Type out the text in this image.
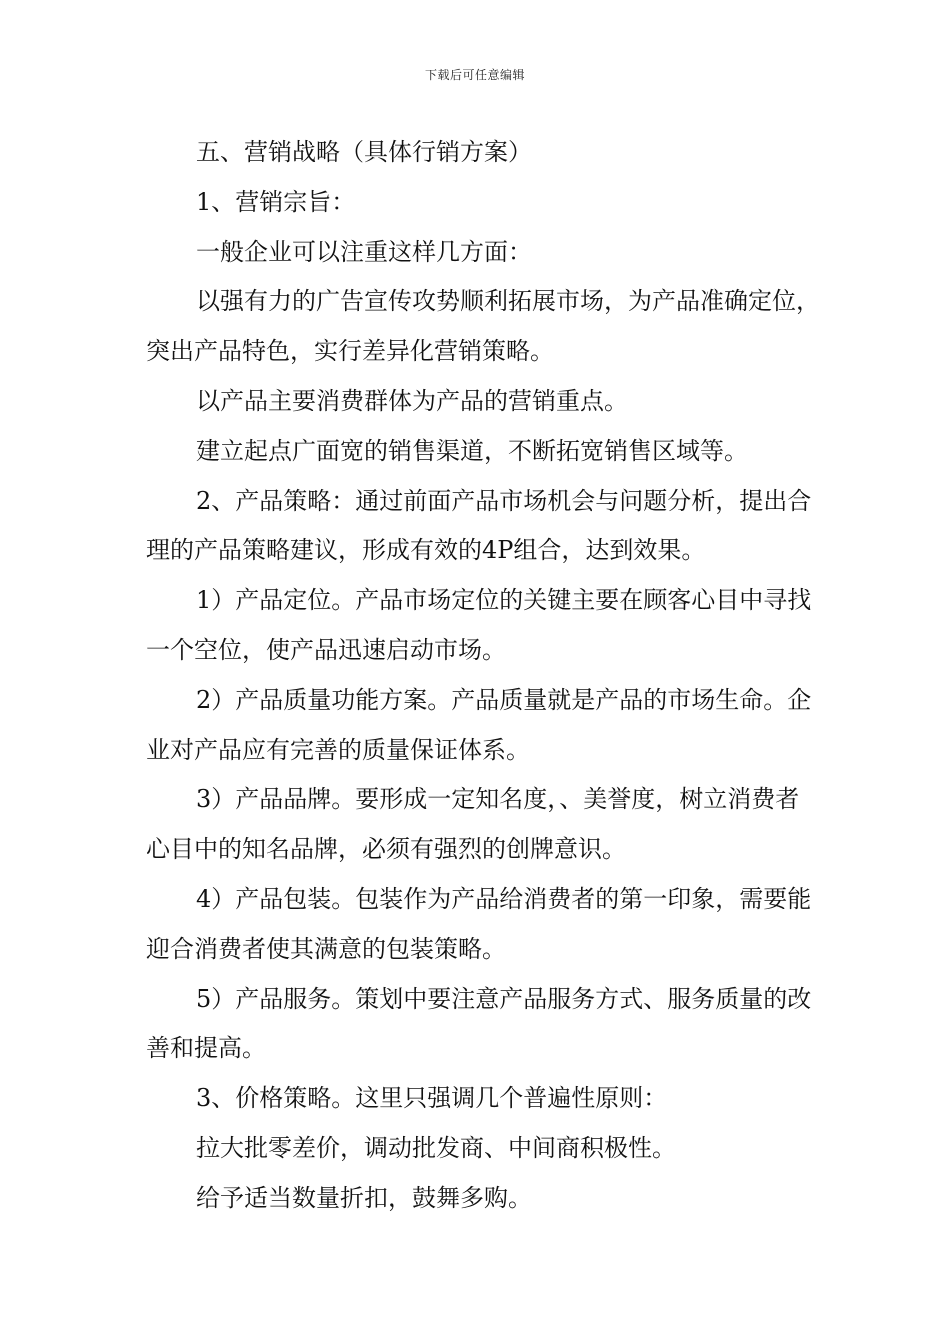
下载后可任意编辑

五、营销战略（具体行销方案）

1、营销宗旨：

一般企业可以注重这样几方面：

以强有力的广告宣传攻势顺利拓展市场，为产品准确定位，突出产品特色，实行差异化营销策略。

以产品主要消费群体为产品的营销重点。

建立起点广面宽的销售渠道，不断拓宽销售区域等。

2、产品策略：通过前面产品市场机会与问题分析，提出合理的产品策略建议，形成有效的4P组合，达到效果。

1）产品定位。产品市场定位的关键主要在顾客心目中寻找一个空位，使产品迅速启动市场。

2）产品质量功能方案。产品质量就是产品的市场生命。企业对产品应有完善的质量保证体系。

3）产品品牌。要形成一定知名度，、美誉度，树立消费者心目中的知名品牌，必须有强烈的创牌意识。

4）产品包装。包装作为产品给消费者的第一印象，需要能迎合消费者使其满意的包装策略。

5）产品服务。策划中要注意产品服务方式、服务质量的改善和提高。

3、价格策略。这里只强调几个普遍性原则：

拉大批零差价，调动批发商、中间商积极性。

给予适当数量折扣，鼓舞多购。
